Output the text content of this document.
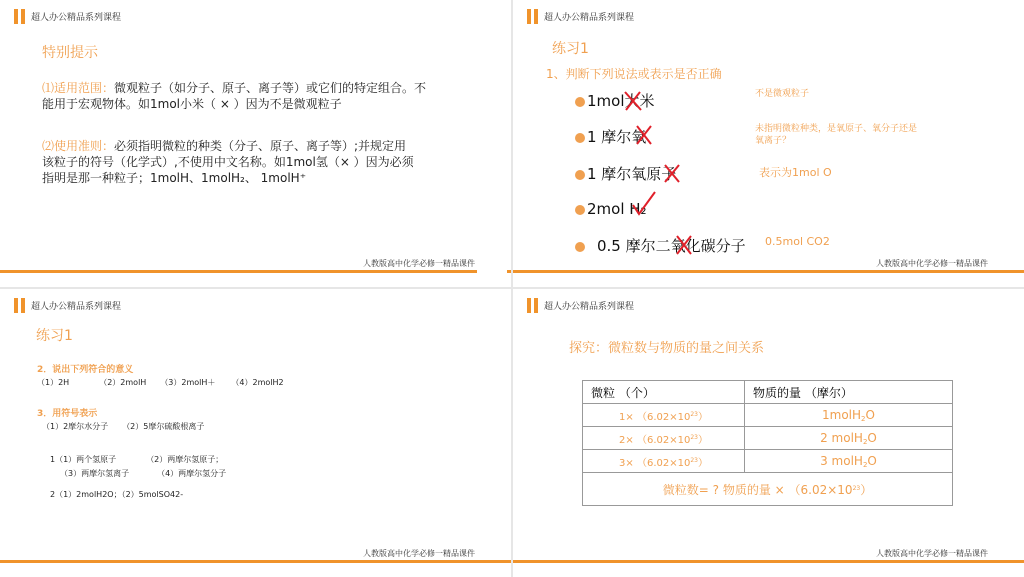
超人办公精品系列课程
特别提示
⑴适用范围：微观粒子（如分子、原子、离子等）或它们的特定组合。不
能用于宏观物体。如1mol小米（ × ）因为不是微观粒子
⑵使用准则：必须指明微粒的种类（分子、原子、离子等）;并规定用
该粒子的符号（化学式）,不使用中文名称。如1mol氢（× ）因为必须
指明是那一种粒子；1molH、1molH₂、 1molH⁺
人教版高中化学必修一精品课件
超人办公精品系列课程
练习1
1、判断下列说法或表示是否正确
1mol大米
1 摩尔氧
1 摩尔氧原子
2mol H₂
0.5 摩尔二氧化碳分子
不是微观粒子
未指明微粒种类，是氧原子、氧分子还是
氧离子？
表示为1mol O
0.5mol CO2
人教版高中化学必修一精品课件
超人办公精品系列课程
练习1
2．说出下列符合的意义
（1）2H	（2）2molH （3）2molH＋ （4）2molH2
3．用符号表示
（1）2摩尔水分子 （2）5摩尔硫酸根离子
1（1）两个氢原子	（2）两摩尔氢原子；
（3）两摩尔氢离子	（4）两摩尔氢分子
2（1）2molH2O；（2）5molSO42-
人教版高中化学必修一精品课件
超人办公精品系列课程
探究：微粒数与物质的量之间关系
微粒 （个）	物质的量 （摩尔）
$1\times (6.02\times 10^{23})$	1molH$_2$O
$2\times (6.02\times 10^{23})$	2 molH$_2$O
$3\times (6.02\times 10^{23})$	3 molH$_2$O
微粒数= ? 物质的量 × $(6.02\times 10^{23})$	
人教版高中化学必修一精品课件
